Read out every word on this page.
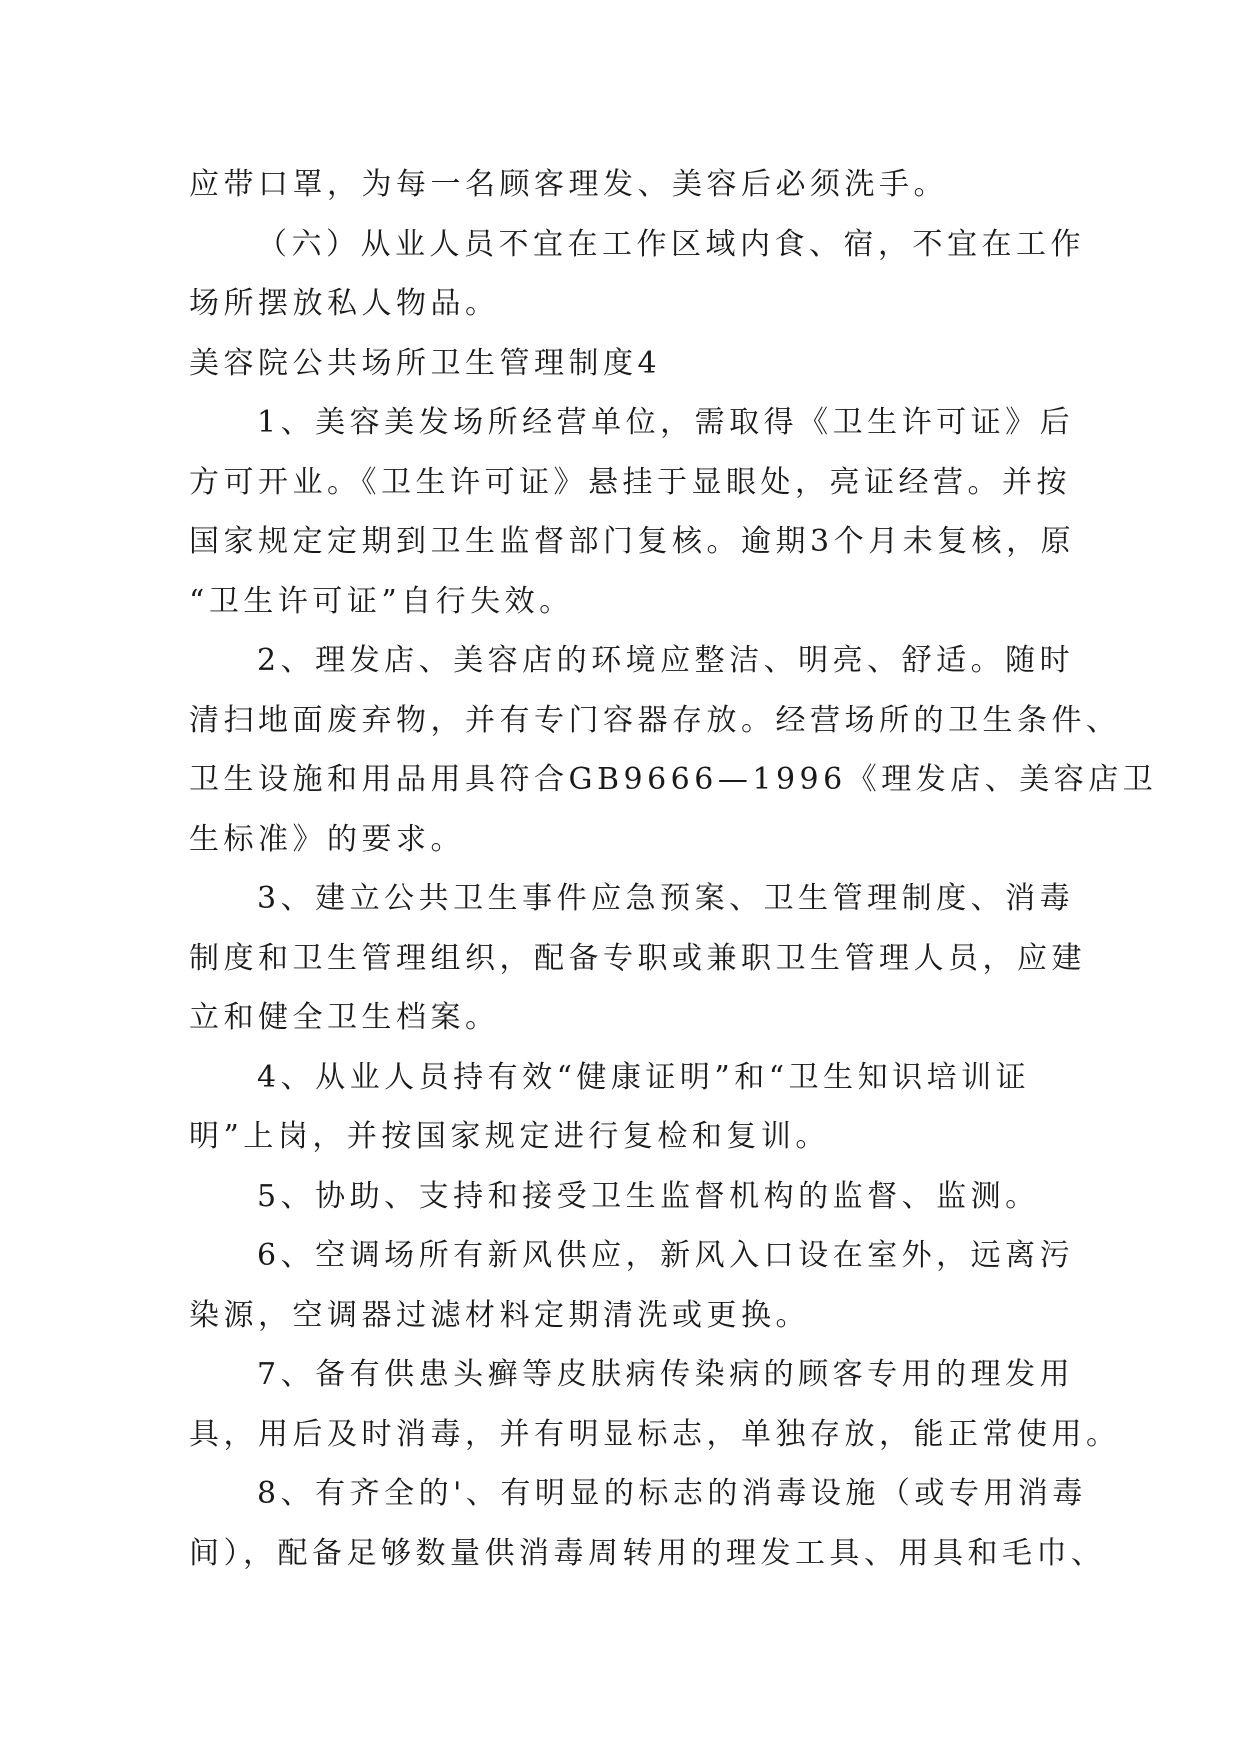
应带口罩，为每一名顾客理发、美容后必须洗手。
（六）从业人员不宜在工作区域内食、宿，不宜在工作
场所摆放私人物品。
美容院公共场所卫生管理制度4
1、美容美发场所经营单位，需取得《卫生许可证》后
方可开业。《卫生许可证》悬挂于显眼处，亮证经营。并按
国家规定定期到卫生监督部门复核。逾期3个月未复核，原
“卫生许可证”自行失效。
2、理发店、美容店的环境应整洁、明亮、舒适。随时
清扫地面废弃物，并有专门容器存放。经营场所的卫生条件、
卫生设施和用品用具符合GB9666—1996《理发店、美容店卫
生标准》的要求。
3、建立公共卫生事件应急预案、卫生管理制度、消毒
制度和卫生管理组织，配备专职或兼职卫生管理人员，应建
立和健全卫生档案。
4、从业人员持有效“健康证明”和“卫生知识培训证
明”上岗，并按国家规定进行复检和复训。
5、协助、支持和接受卫生监督机构的监督、监测。
6、空调场所有新风供应，新风入口设在室外，远离污
染源，空调器过滤材料定期清洗或更换。
7、备有供患头癣等皮肤病传染病的顾客专用的理发用
具，用后及时消毒，并有明显标志，单独存放，能正常使用。
8、有齐全的'、有明显的标志的消毒设施（或专用消毒
间），配备足够数量供消毒周转用的理发工具、用具和毛巾、
